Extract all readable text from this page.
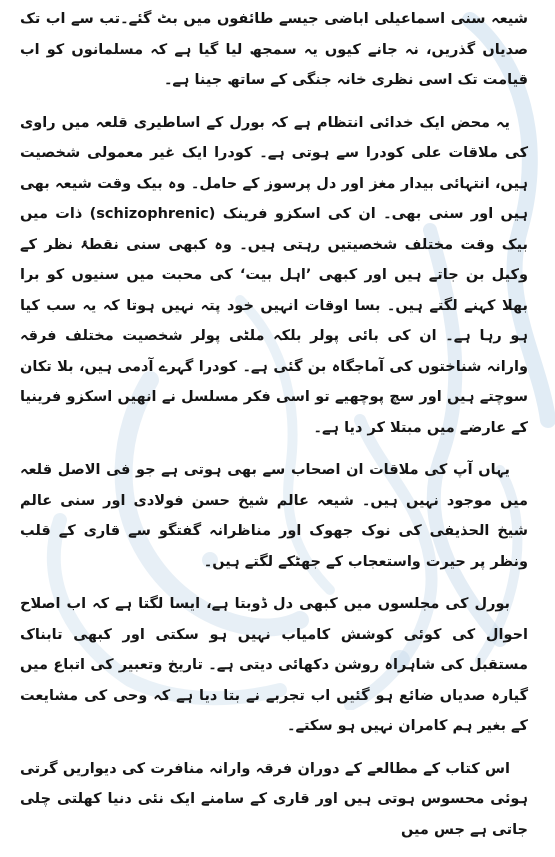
شیعہ سنی اسماعیلی اباضی جیسے طائفوں میں بٹ گئے۔تب سے اب تک صدیاں گذریں، نہ جانے کیوں یہ سمجھ لیا گیا ہے کہ مسلمانوں کو اب قیامت تک اسی نظری خانہ جنگی کے ساتھ جینا ہے۔

یہ محض ایک خدائی انتظام ہے کہ بورل کے اساطیری قلعہ میں راوی کی ملاقات علی کودرا سے ہوتی ہے۔ کودرا ایک غیر معمولی شخصیت ہیں، انتہائی بیدار مغز اور دل پرسوز کے حامل۔ وہ بیک وقت شیعہ بھی ہیں اور سنی بھی۔ ان کی اسکزو فرینک (schizophrenic) ذات میں بیک وقت مختلف شخصیتیں رہتی ہیں۔ وہ کبھی سنی نقطۂ نظر کے وکیل بن جاتے ہیں اور کبھی ’اہل بیت‘ کی محبت میں سنیوں کو برا بھلا کہنے لگتے ہیں۔ بسا اوقات انہیں خود پتہ نہیں ہوتا کہ یہ سب کیا ہو رہا ہے۔ ان کی بائی پولر بلکہ ملٹی پولر شخصیت مختلف فرقہ وارانہ شناختوں کی آماجگاہ بن گئی ہے۔ کودرا گہرے آدمی ہیں، بلا تکان سوچتے ہیں اور سچ پوچھیے تو اسی فکر مسلسل نے انھیں اسکزو فرینیا کے عارضے میں مبتلا کر دیا ہے۔

یہاں آپ کی ملاقات ان اصحاب سے بھی ہوتی ہے جو فی الاصل قلعہ میں موجود نہیں ہیں۔ شیعہ عالم شیخ حسن فولادی اور سنی عالم شیخ الحذیفی کی نوک جھوک اور مناظرانہ گفتگو سے قاری کے قلب ونظر پر حیرت واستعجاب کے جھٹکے لگتے ہیں۔

بورل کی مجلسوں میں کبھی دل ڈوبتا ہے، ایسا لگتا ہے کہ اب اصلاح احوال کی کوئی کوشش کامیاب نہیں ہو سکتی اور کبھی تابناک مستقبل کی شاہراہ روشن دکھائی دیتی ہے۔ تاریخ وتعبیر کی اتباع میں گیارہ صدیاں ضائع ہو گئیں اب تجربے نے بتا دیا ہے کہ وحی کی مشایعت کے بغیر ہم کامران نہیں ہو سکتے۔

اس کتاب کے مطالعے کے دوران فرقہ وارانہ منافرت کی دیواریں گرتی ہوئی محسوس ہوتی ہیں اور قاری کے سامنے ایک نئی دنیا کھلتی چلی جاتی ہے جس میں
